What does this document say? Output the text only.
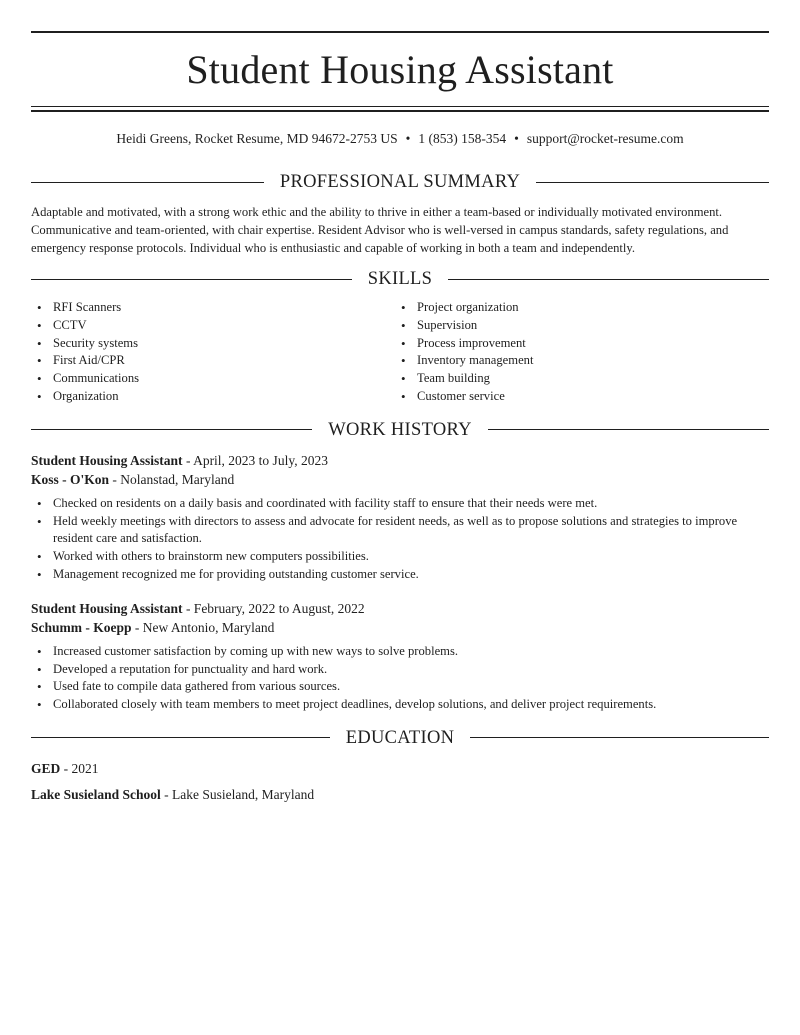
Student Housing Assistant
Heidi Greens, Rocket Resume, MD 94672-2753 US • 1 (853) 158-354 • support@rocket-resume.com
PROFESSIONAL SUMMARY
Adaptable and motivated, with a strong work ethic and the ability to thrive in either a team-based or individually motivated environment. Communicative and team-oriented, with chair expertise. Resident Advisor who is well-versed in campus standards, safety regulations, and emergency response protocols. Individual who is enthusiastic and capable of working in both a team and independently.
SKILLS
• RFI Scanners
• CCTV
• Security systems
• First Aid/CPR
• Communications
• Organization
• Project organization
• Supervision
• Process improvement
• Inventory management
• Team building
• Customer service
WORK HISTORY
Student Housing Assistant - April, 2023 to July, 2023
Koss - O'Kon - Nolanstad, Maryland
• Checked on residents on a daily basis and coordinated with facility staff to ensure that their needs were met.
• Held weekly meetings with directors to assess and advocate for resident needs, as well as to propose solutions and strategies to improve resident care and satisfaction.
• Worked with others to brainstorm new computers possibilities.
• Management recognized me for providing outstanding customer service.
Student Housing Assistant - February, 2022 to August, 2022
Schumm - Koepp - New Antonio, Maryland
• Increased customer satisfaction by coming up with new ways to solve problems.
• Developed a reputation for punctuality and hard work.
• Used fate to compile data gathered from various sources.
• Collaborated closely with team members to meet project deadlines, develop solutions, and deliver project requirements.
EDUCATION
GED - 2021
Lake Susieland School - Lake Susieland, Maryland
